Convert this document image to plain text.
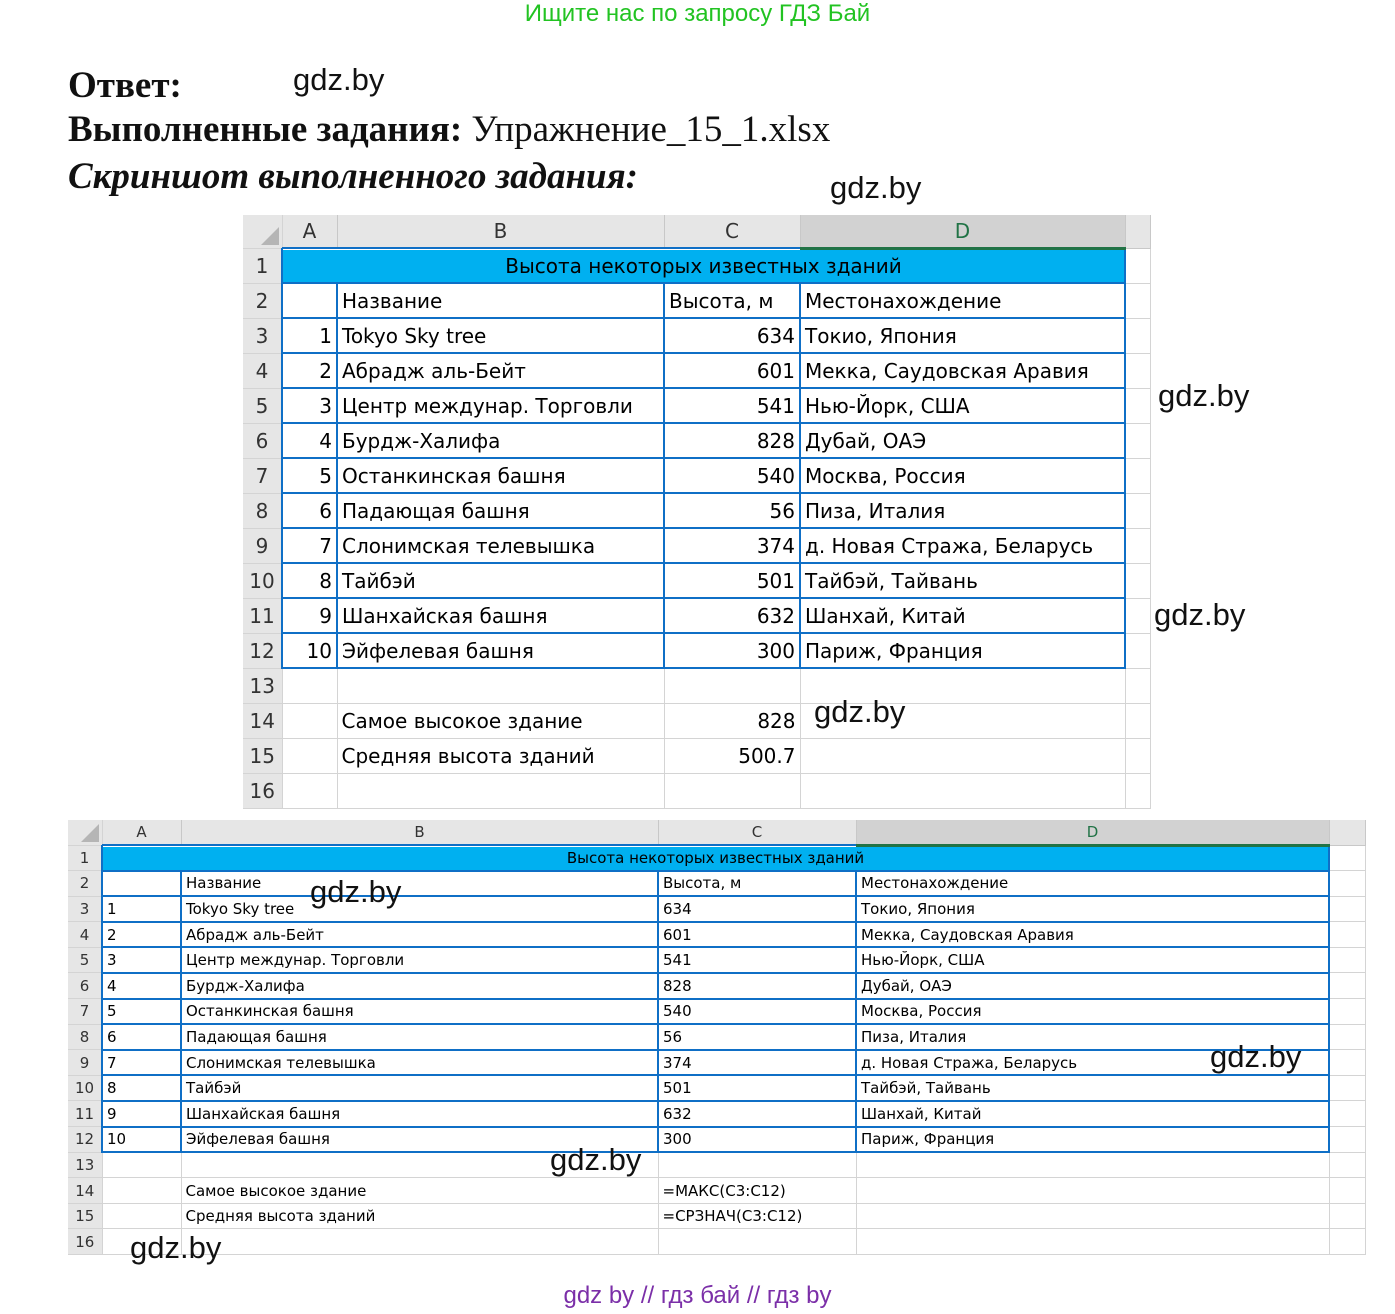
Ищите нас по запросу ГДЗ Бай
Ответ:
Выполненные задания: Упражнение_15_1.xlsx
Скриншот выполненного задания:
	A	B	C	D	
1	Высота некоторых известных зданий				
2		Название	Высота, м	Местонахождение	
3	1	Tokyo Sky tree	634	Токио, Япония	
4	2	Абрадж аль-Бейт	601	Мекка, Саудовская Аравия	
5	3	Центр междунар. Торговли	541	Нью-Йорк, США	
6	4	Бурдж-Халифа	828	Дубай, ОАЭ	
7	5	Останкинская башня	540	Москва, Россия	
8	6	Падающая башня	56	Пиза, Италия	
9	7	Слонимская телевышка	374	д. Новая Стража, Беларусь	
10	8	Тайбэй	501	Тайбэй, Тайвань	
11	9	Шанхайская башня	632	Шанхай, Китай	
12	10	Эйфелевая башня	300	Париж, Франция	
13					
14		Самое высокое здание	828		
15		Средняя высота зданий	500.7		
16					
	A	B	C	D	
1	Высота некоторых известных зданий				
2		Название	Высота, м	Местонахождение	
3	1	Tokyo Sky tree	634	Токио, Япония	
4	2	Абрадж аль-Бейт	601	Мекка, Саудовская Аравия	
5	3	Центр междунар. Торговли	541	Нью-Йорк, США	
6	4	Бурдж-Халифа	828	Дубай, ОАЭ	
7	5	Останкинская башня	540	Москва, Россия	
8	6	Падающая башня	56	Пиза, Италия	
9	7	Слонимская телевышка	374	д. Новая Стража, Беларусь	
10	8	Тайбэй	501	Тайбэй, Тайвань	
11	9	Шанхайская башня	632	Шанхай, Китай	
12	10	Эйфелевая башня	300	Париж, Франция	
13					
14		Самое высокое здание	=МАКС(C3:C12)		
15		Средняя высота зданий	=СРЗНАЧ(C3:C12)		
16					
gdz.by
gdz.by
gdz.by
gdz.by
gdz.by
gdz.by
gdz.by
gdz.by
gdz.by
gdz by // гдз бай // гдз by
